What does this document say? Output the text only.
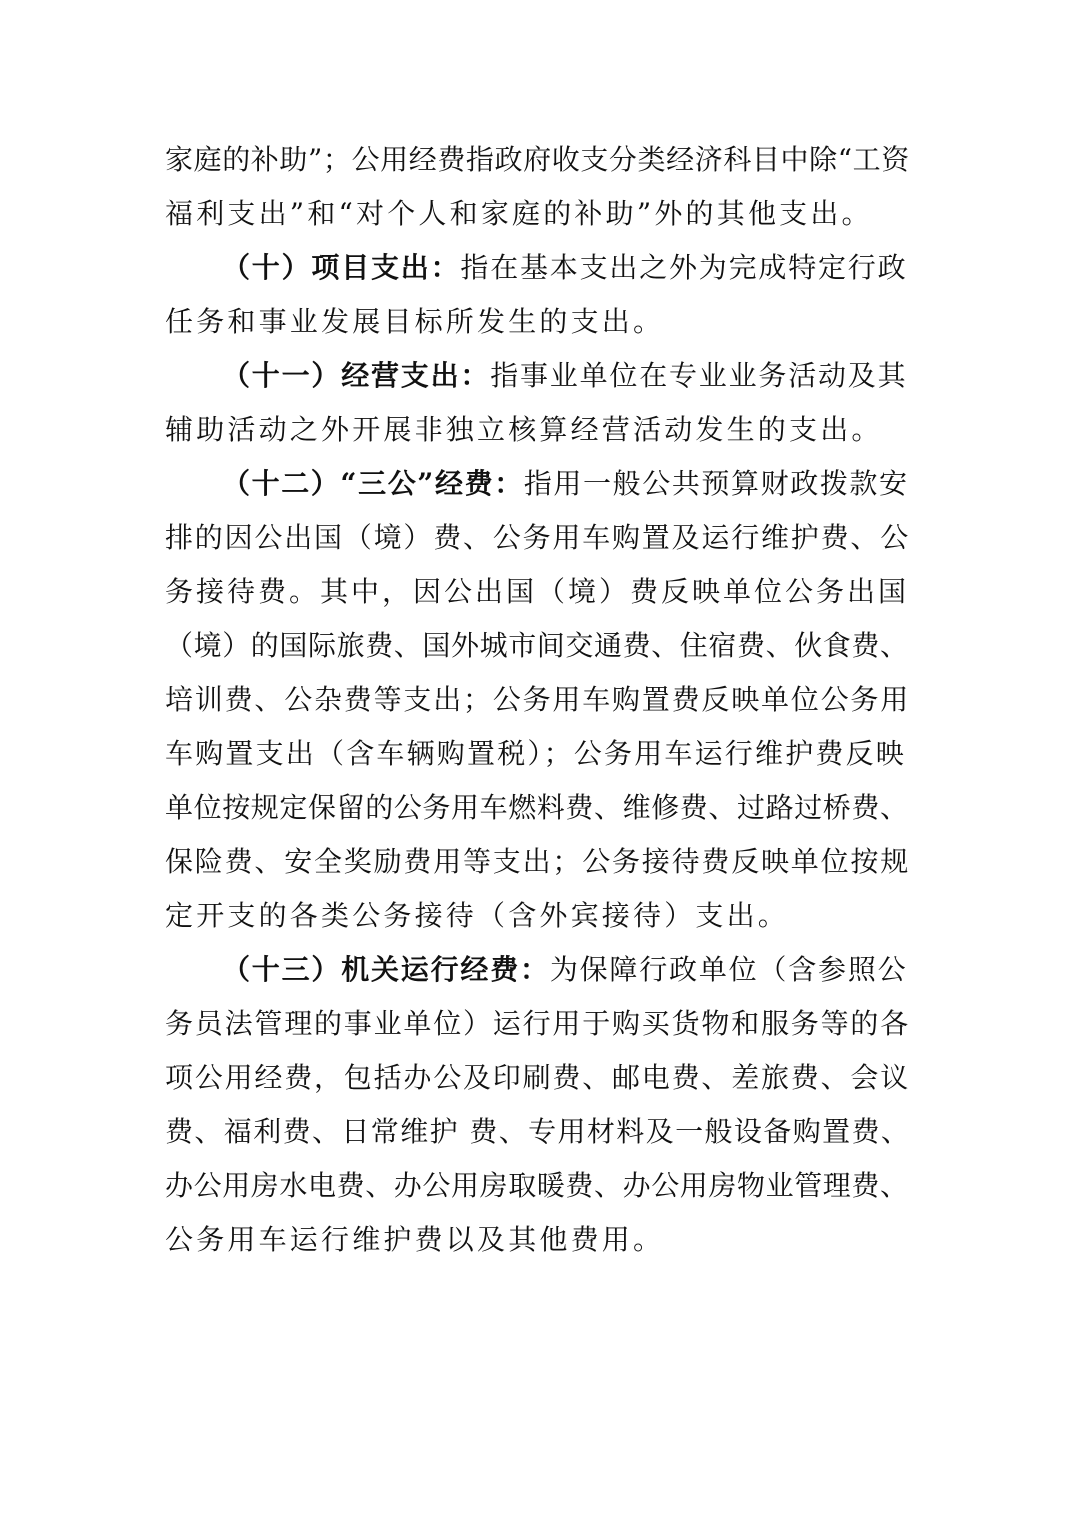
家庭的补助”；公用经费指政府收支分类经济科目中除“工资
福利支出”和“对个人和家庭的补助”外的其他支出。
（十）项目支出：指在基本支出之外为完成特定行政
任务和事业发展目标所发生的支出。
（十一）经营支出：指事业单位在专业业务活动及其
辅助活动之外开展非独立核算经营活动发生的支出。
（十二）“三公”经费：指用一般公共预算财政拨款安
排的因公出国（境）费、公务用车购置及运行维护费、公
务接待费。其中，因公出国（境）费反映单位公务出国
（境）的国际旅费、国外城市间交通费、住宿费、伙食费、
培训费、公杂费等支出；公务用车购置费反映单位公务用
车购置支出（含车辆购置税）；公务用车运行维护费反映
单位按规定保留的公务用车燃料费、维修费、过路过桥费、
保险费、安全奖励费用等支出；公务接待费反映单位按规
定开支的各类公务接待（含外宾接待）支出。
（十三）机关运行经费：为保障行政单位（含参照公
务员法管理的事业单位）运行用于购买货物和服务等的各
项公用经费，包括办公及印刷费、邮电费、差旅费、会议
费、福利费、日常维护 费、专用材料及一般设备购置费、
办公用房水电费、办公用房取暖费、办公用房物业管理费、
公务用车运行维护费以及其他费用。
